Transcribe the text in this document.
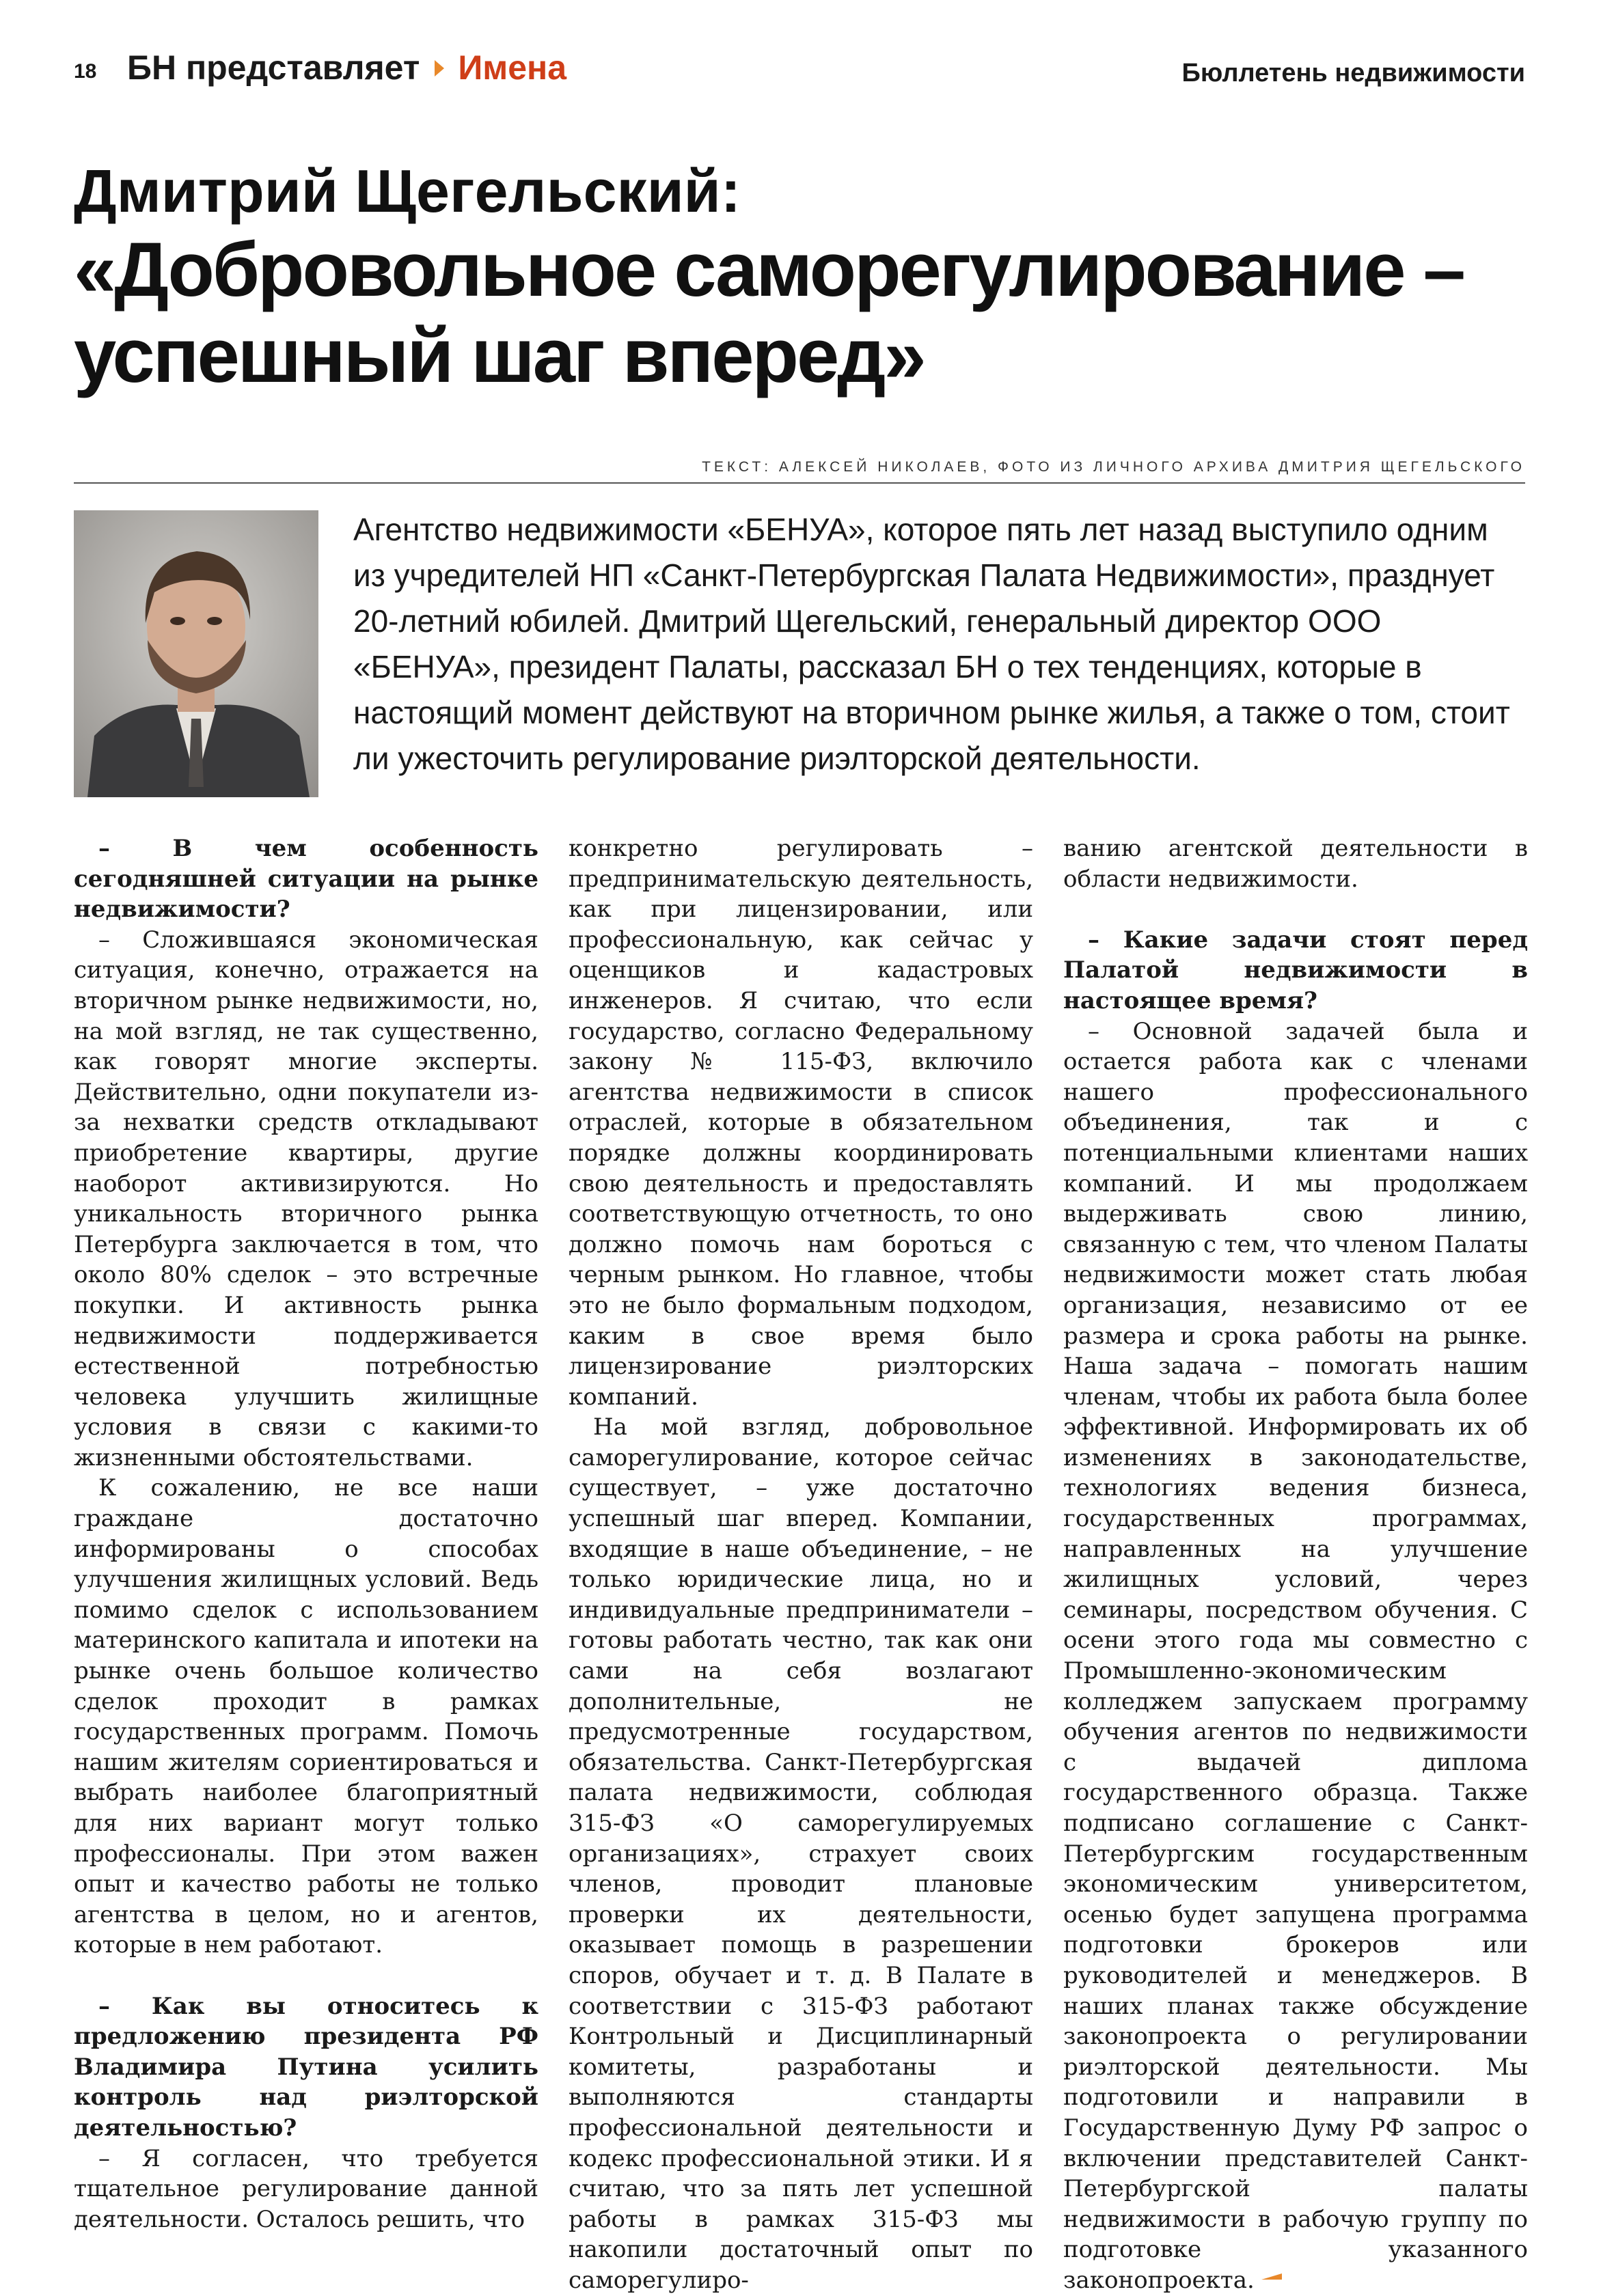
18 БН представляет Имена	Бюллетень недвижимости
Дмитрий Щегельский:
«Добровольное саморегулирование –
успешный шаг вперед»
ТЕКСТ: АЛЕКСЕЙ НИКОЛАЕВ, ФОТО ИЗ ЛИЧНОГО АРХИВА ДМИТРИЯ ЩЕГЕЛЬСКОГО

Агентство недвижимости «БЕНУА», которое пять лет назад выступило одним из учредителей НП «Санкт-Петербургская Палата Недвижимости», празднует 20-летний юбилей. Дмитрий Щегельский, генеральный директор ООО «БЕНУА», президент Палаты, рассказал БН о тех тенденциях, которые в настоящий момент действуют на вторичном рынке жилья, а также о том, стоит ли ужесточить регулирование риэлторской деятельности.

– В чем особенность сегодняшней ситуации на рынке недвижимости?

– Сложившаяся экономическая ситуация, конечно, отражается на вторичном рынке недвижимости, но, на мой взгляд, не так существенно, как говорят многие эксперты. Действительно, одни покупатели из-за нехватки средств откладывают приобретение квартиры, другие наоборот активизируются. Но уникальность вторичного рынка Петербурга заключается в том, что около 80% сделок – это встречные покупки. И активность рынка недвижимости поддерживается естественной потребностью человека улучшить жилищные условия в связи с какими-то жизненными обстоятельствами.

К сожалению, не все наши граждане достаточно информированы о способах улучшения жилищных условий. Ведь помимо сделок с использованием материнского капитала и ипотеки на рынке очень большое количество сделок проходит в рамках государственных программ. Помочь нашим жителям сориентироваться и выбрать наиболее благоприятный для них вариант могут только профессионалы. При этом важен опыт и качество работы не только агентства в целом, но и агентов, которые в нем работают.

– Как вы относитесь к предложению президента РФ Владимира Путина усилить контроль над риэлторской деятельностью?

– Я согласен, что требуется тщательное регулирование данной деятельности. Осталось решить, что

конкретно регулировать – предпринимательскую деятельность, как при лицензировании, или профессиональную, как сейчас у оценщиков и кадастровых инженеров. Я считаю, что если государство, согласно Федеральному закону № 115-ФЗ, включило агентства недвижимости в список отраслей, которые в обязательном порядке должны координировать свою деятельность и предоставлять соответствующую отчетность, то оно должно помочь нам бороться с черным рынком. Но главное, чтобы это не было формальным подходом, каким в свое время было лицензирование риэлторских компаний.

На мой взгляд, добровольное саморегулирование, которое сейчас существует, – уже достаточно успешный шаг вперед. Компании, входящие в наше объединение, – не только юридические лица, но и индивидуальные предприниматели – готовы работать честно, так как они сами на себя возлагают дополнительные, не предусмотренные государством, обязательства. Санкт-Петербургская палата недвижимости, соблюдая 315-ФЗ «О саморегулируемых организациях», страхует своих членов, проводит плановые проверки их деятельности, оказывает помощь в разрешении споров, обучает и т. д. В Палате в соответствии с 315-ФЗ работают Контрольный и Дисциплинарный комитеты, разработаны и выполняются стандарты профессиональной деятельности и кодекс профессиональной этики. И я считаю, что за пять лет успешной работы в рамках 315-ФЗ мы накопили достаточный опыт по саморегулиро-

ванию агентской деятельности в области недвижимости.

– Какие задачи стоят перед Палатой недвижимости в настоящее время?

– Основной задачей была и остается работа как с членами нашего профессионального объединения, так и с потенциальными клиентами наших компаний. И мы продолжаем выдерживать свою линию, связанную с тем, что членом Палаты недвижимости может стать любая организация, независимо от ее размера и срока работы на рынке. Наша задача – помогать нашим членам, чтобы их работа была более эффективной. Информировать их об изменениях в законодательстве, технологиях ведения бизнеса, государственных программах, направленных на улучшение жилищных условий, через семинары, посредством обучения. С осени этого года мы совместно с Промышленно-экономическим колледжем запускаем программу обучения агентов по недвижимости с выдачей диплома государственного образца. Также подписано соглашение с Санкт-Петербургским государственным экономическим университетом, осенью будет запущена программа подготовки брокеров или руководителей и менеджеров. В наших планах также обсуждение законопроекта о регулировании риэлторской деятельности. Мы подготовили и направили в Государственную Думу РФ запрос о включении представителей Санкт-Петербургской палаты недвижимости в рабочую группу по подготовке указанного законопроекта.
